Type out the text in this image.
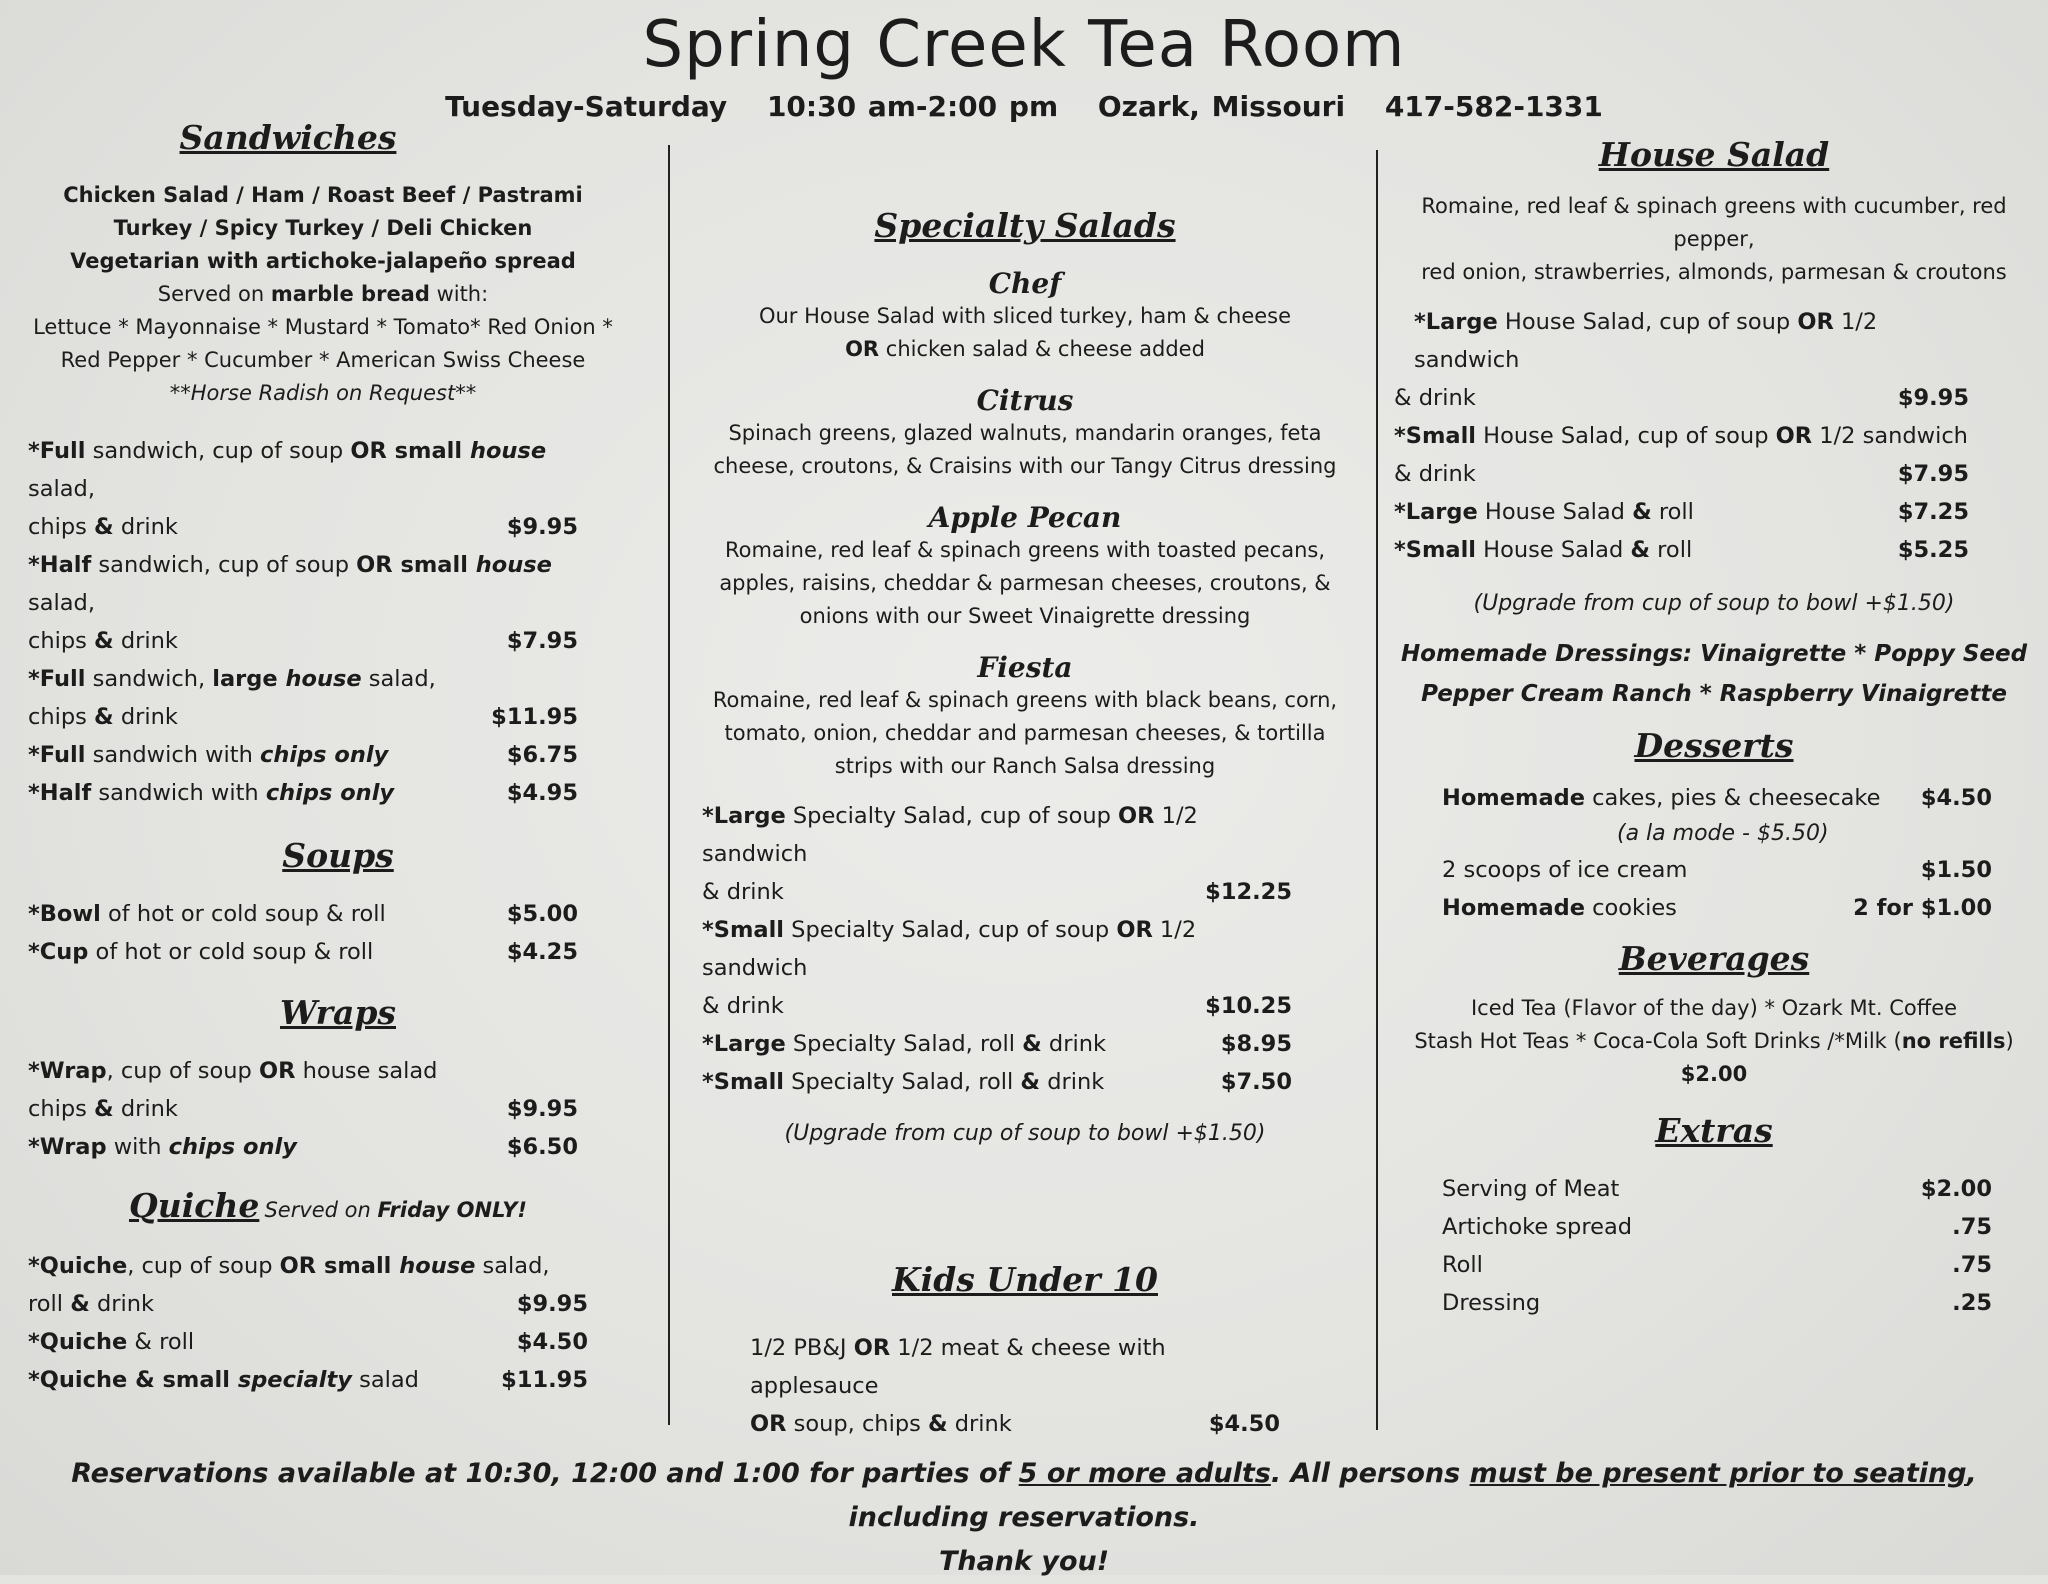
Spring Creek Tea Room
Tuesday-Saturday 10:30 am-2:00 pm Ozark, Missouri 417-582-1331
Sandwiches
Chicken Salad / Ham / Roast Beef / Pastrami
Turkey / Spicy Turkey / Deli Chicken
Vegetarian with artichoke-jalapeño spread
Served on marble bread with:
Lettuce * Mayonnaise * Mustard * Tomato* Red Onion *
Red Pepper * Cucumber * American Swiss Cheese
**Horse Radish on Request**
*Full sandwich, cup of soup OR small house salad,
chips & drink	$9.95
*Half sandwich, cup of soup OR small house salad,
chips & drink	$7.95
*Full sandwich, large house salad,
chips & drink	$11.95
*Full sandwich with chips only	$6.75
*Half sandwich with chips only	$4.95
Soups
*Bowl of hot or cold soup & roll	$5.00
*Cup of hot or cold soup & roll	$4.25
Wraps
*Wrap, cup of soup OR house salad
chips & drink	$9.95
*Wrap with chips only	$6.50
Quiche Served on Friday ONLY!
*Quiche, cup of soup OR small house salad,
roll & drink	$9.95
*Quiche & roll	$4.50
*Quiche & small specialty salad	$11.95
Specialty Salads
Chef
Our House Salad with sliced turkey, ham & cheese
OR chicken salad & cheese added
Citrus
Spinach greens, glazed walnuts, mandarin oranges, feta
cheese, croutons, & Craisins with our Tangy Citrus dressing
Apple Pecan
Romaine, red leaf & spinach greens with toasted pecans,
apples, raisins, cheddar & parmesan cheeses, croutons, &
onions with our Sweet Vinaigrette dressing
Fiesta
Romaine, red leaf & spinach greens with black beans, corn,
tomato, onion, cheddar and parmesan cheeses, & tortilla
strips with our Ranch Salsa dressing
*Large Specialty Salad, cup of soup OR 1/2 sandwich
& drink	$12.25
*Small Specialty Salad, cup of soup OR 1/2 sandwich
& drink	$10.25
*Large Specialty Salad, roll & drink	$8.95
*Small Specialty Salad, roll & drink	$7.50
(Upgrade from cup of soup to bowl +$1.50)
Kids Under 10
1/2 PB&J OR 1/2 meat & cheese with applesauce
OR soup, chips & drink	$4.50
House Salad
Romaine, red leaf & spinach greens with cucumber, red pepper,
red onion, strawberries, almonds, parmesan & croutons
*Large House Salad, cup of soup OR 1/2 sandwich
& drink	$9.95
*Small House Salad, cup of soup OR 1/2 sandwich
& drink	$7.95
*Large House Salad & roll	$7.25
*Small House Salad & roll	$5.25
(Upgrade from cup of soup to bowl +$1.50)
Homemade Dressings: Vinaigrette * Poppy Seed
Pepper Cream Ranch * Raspberry Vinaigrette
Desserts
Homemade cakes, pies & cheesecake $4.50
(a la mode - $5.50)
2 scoops of ice cream	$1.50
Homemade cookies	2 for $1.00
Beverages
Iced Tea (Flavor of the day) * Ozark Mt. Coffee
Stash Hot Teas * Coca-Cola Soft Drinks /*Milk (no refills)
$2.00
Extras
Serving of Meat	$2.00
Artichoke spread	.75
Roll	.75
Dressing	.25
Reservations available at 10:30, 12:00 and 1:00 for parties of 5 or more adults. All persons must be present prior to seating, including reservations.
Thank you!
